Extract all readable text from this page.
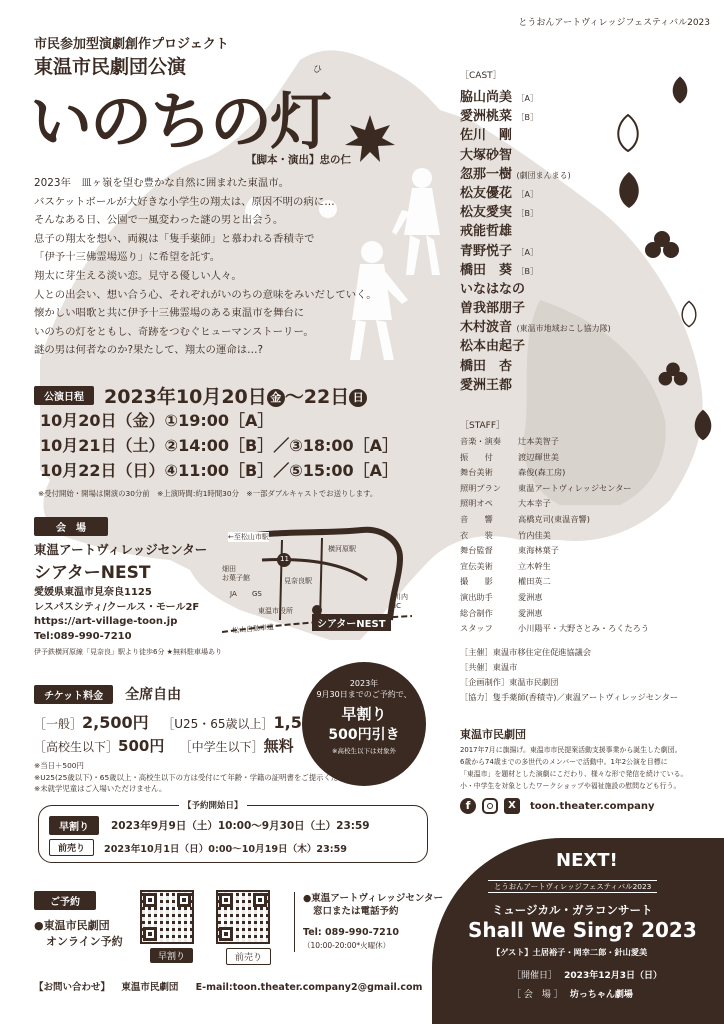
とうおんアートヴィレッジフェスティバル2023
市民参加型演劇創作プロジェクト
東温市民劇団公演	ひ
いのちの灯
【脚本・演出】忠の仁

2023年　皿ヶ嶺を望む豊かな自然に囲まれた東温市。

バスケットボールが大好きな小学生の翔太は、原因不明の病に…

そんなある日、公園で一風変わった謎の男と出会う。

息子の翔太を想い、両親は「隻手薬師」と慕われる香積寺で

「伊予十三佛霊場巡り」に希望を託す。

翔太に芽生える淡い恋。見守る優しい人々。

人との出会い、想い合う心、それぞれがいのちの意味をみいだしていく。

懐かしい唱歌と共に伊予十三佛霊場のある東温市を舞台に

いのちの灯をともし、奇跡をつむぐヒューマンストーリー。

謎の男は何者なのか?果たして、翔太の運命は…?

公演日程	2023年10月20日 金 〜22日 日
10月20日（金）①19:00［A］
10月21日（土）②14:00［B］／③18:00［A］
10月22日（日）④11:00［B］／⑤15:00［A］
※受付開始・開場は開演の30分前　※上演時間:約1時間30分　※一部ダブルキャストでお送りします。
会　場
東温アートヴィレッジセンター
シアターNEST
愛媛県東温市見奈良1125
レスパスシティ/クールス・モール2F
https://art-village-toon.jp
Tel:089-990-7210
伊予鉄横河原線「見奈良」駅より徒歩6分 ★無料駐車場あり
←至松山市駅
11
横河原駅
畑田
お菓子館	見奈良駅
JA GS
東温市役所
川内IC
松山自動車道	シアターNEST
2023年
9月30日までのご予約で、
早割り
500円引き
※高校生以下は対象外
チケット料金	全席自由
［一般］2,500円 ［U25・65歳以上］1,500円
［高校生以下］500円 ［中学生以下］無料
※当日＋500円
※U25(25歳以下)・65歳以上・高校生以下の方は受付にて年齢・学籍の証明書をご提示ください。
※未就学児童はご入場いただけません。
【予約開始日】
早割り	2023年9月9日（土）10:00〜9月30日（土）23:59
前売り	2023年10月1日（日）0:00〜10月19日（木）23:59
ご予約
●東温市民劇団
オンライン予約
早割り	前売り
●東温アートヴィレッジセンター
窓口または電話予約
Tel: 089-990-7210
（10:00-20:00*火曜休）
【お問い合わせ】 東温市民劇団 E-mail:toon.theater.company2@gmail.com
［CAST］
脇山尚美 ［A］
愛洲桃菜 ［B］
佐川　剛
大塚砂智
忽那一樹 (劇団まんまる)
松友優花 ［A］
松友愛実 ［B］
戒能哲雄
青野悦子 ［A］
橋田　葵 ［B］
いなはなの
曽我部朋子
木村波音 (東温市地域おこし協力隊)
松本由起子
橋田　杏
愛洲王都
［STAFF］
音楽・演奏	辻本美智子
振　　付	渡辺輝世美
舞台美術	森俊(森工房)
照明プラン	東温アートヴィレッジセンター
照明オペ	大本幸子
音　　響	高橋克司(東温音響)
衣　　装	竹内佳美
舞台監督	東海林葉子
宣伝美術	立木幹生
撮　　影	權田英二
演出助手	愛洲恵
総合制作	愛洲恵
スタッフ	小川陽平・大野さとみ・ろくたろう
［主催］東温市移住定住促進協議会
［共催］東温市
［企画制作］東温市民劇団
［協力］隻手薬師(香積寺)／東温アートヴィレッジセンター
東温市民劇団
2017年7月に旗揚げ。東温市市民提案活動支援事業から誕生した劇団。
6歳から74歳までの多世代のメンバーで活動中。1年2公演を目標に
「東温市」を題材とした演劇にこだわり、様々な形で発信を続けている。
小・中学生を対象としたワークショップや福祉施設の慰問なども行う。
f	X	toon.theater.company
NEXT!
とうおんアートヴィレッジフェスティバル2023
ミュージカル・ガラコンサート
Shall We Sing? 2023
【ゲスト】土居裕子・岡幸二郎・針山愛美
［開催日］ 2023年12月3日（日）
［ 会　場 ］ 坊っちゃん劇場
